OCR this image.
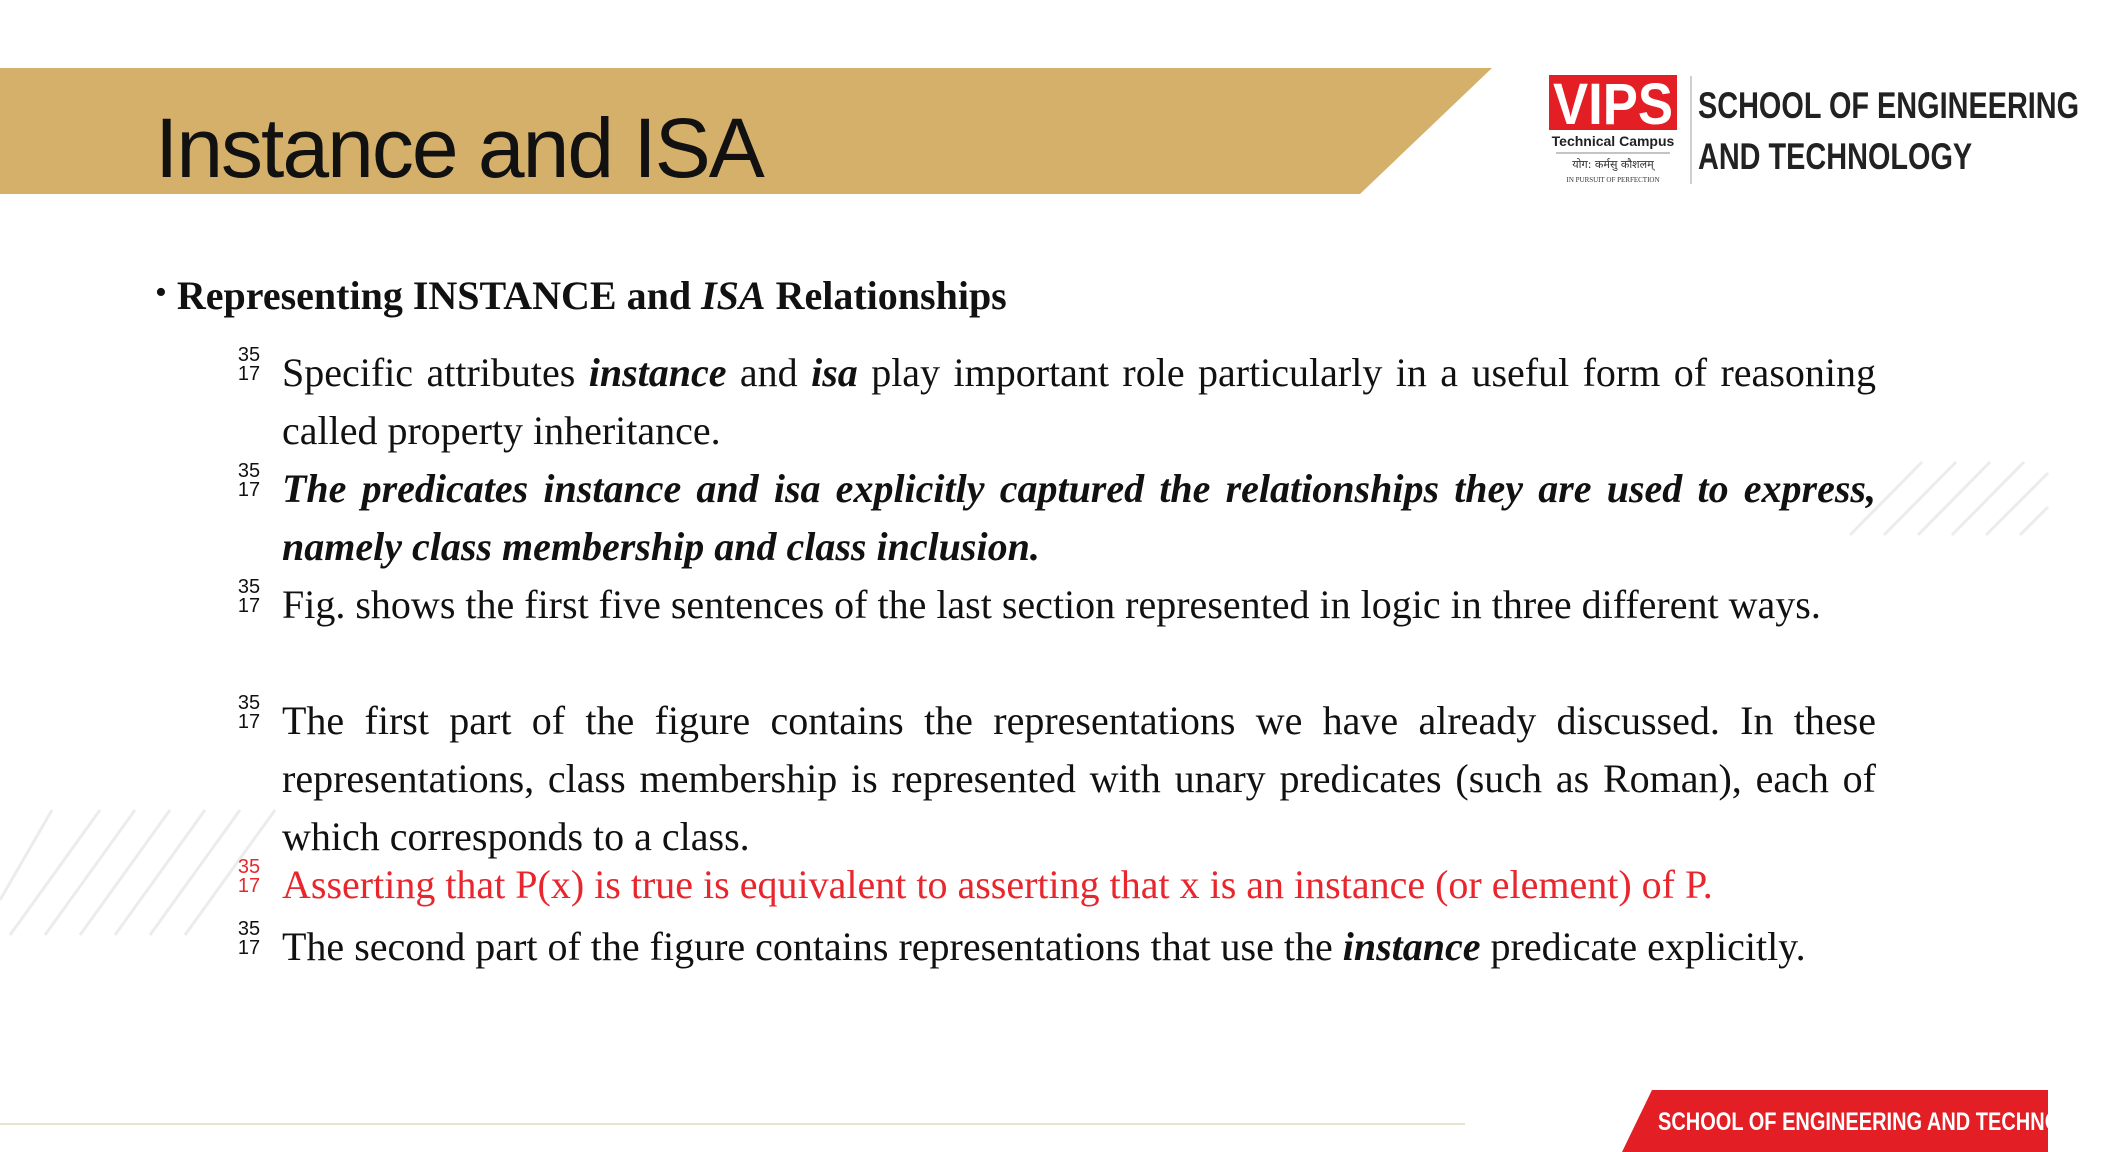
Instance and ISA	VIPS
Technical Campus
योग: कर्मसु कौशलम्
IN PURSUIT OF PERFECTION
SCHOOL OF ENGINEERING
AND TECHNOLOGY
• Representing INSTANCE and ISA Relationships
35
17
35
17
35
17
35
17
35
17
35
17
Specific attributes instance and isa play important role particularly in a useful form of reasoning called property inheritance.
The predicates instance and isa explicitly captured the relationships they are used to express, namely class membership and class inclusion.
Fig. shows the first five sentences of the last section represented in logic in three different ways.
The first part of the figure contains the representations we have already discussed. In these representations, class membership is represented with unary predicates (such as Roman), each of which corresponds to a class.
Asserting that P(x) is true is equivalent to asserting that x is an instance (or element) of P.
The second part of the figure contains representations that use the instance predicate explicitly.
SCHOOL OF ENGINEERING AND TECHNOLOGY
